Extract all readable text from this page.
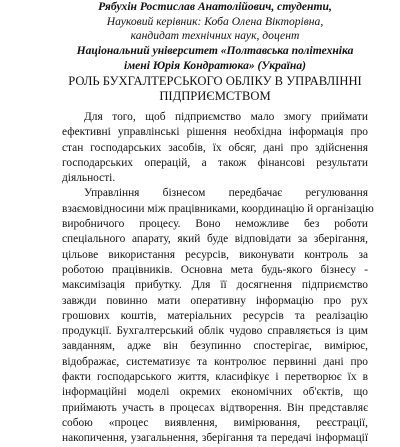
Рябухін Ростислав Анатолійович, студенти,
Науковий керівник: Коба Олена Вікторівна,
кандидат технічних наук, доцент
Національний університет «Полтавська політехніка
імені Юрія Кондратюка» (Україна)
РОЛЬ БУХГАЛТЕРСЬКОГО ОБЛІКУ В УПРАВЛІННІ
ПІДПРИЄМСТВОМ
Для того, щоб підприємство мало змогу приймати
ефективні управлінські рішення необхідна інформація про
стан господарських засобів, їх обсяг, дані про здійснення
господарських операцій, а також фінансові результати
діяльності.
Управління бізнесом передбачає регулювання
взаємовідносини між працівниками, координацію й організацію
виробничого процесу. Воно неможливе без роботи
спеціального апарату, який буде відповідати за зберігання,
цільове використання ресурсів, виконувати контроль за
роботою працівників. Основна мета будь-якого бізнесу -
максимізація прибутку. Для її досягнення підприємство
завжди повинно мати оперативну інформацію про рух
грошових коштів, матеріальних ресурсів та реалізацію
продукції. Бухгалтерський облік чудово справляється із цим
завданням, адже він безупинно спостерігає, вимірює,
відображає, систематизує та контролює первинні дані про
факти господарського життя, класифікує і перетворює їх в
інформаційні моделі окремих економічних об'єктів, що
приймають участь в процесах відтворення. Він представляє
собою «процес виявлення, вимірювання, реєстрації,
накопичення, узагальнення, зберігання та передачі інформації
